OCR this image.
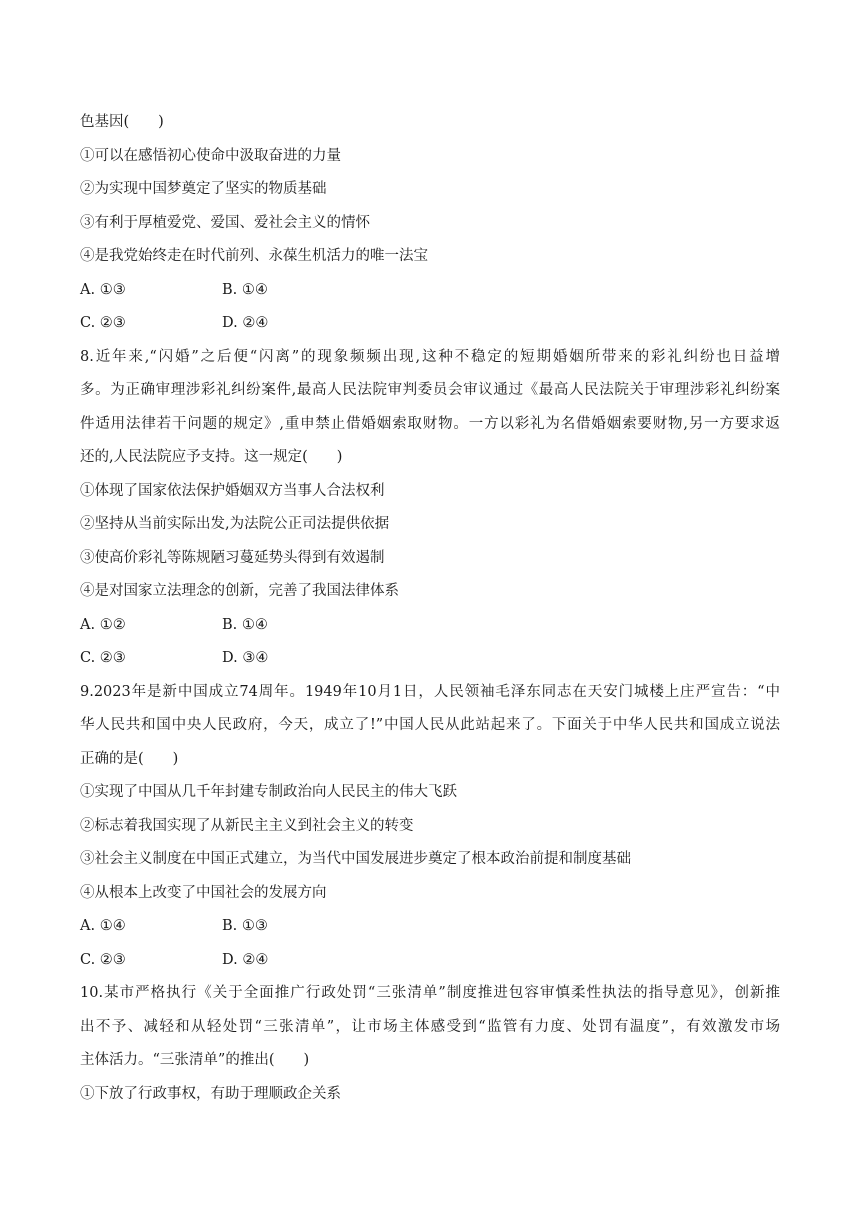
色基因(　　)
①可以在感悟初心使命中汲取奋进的力量
②为实现中国梦奠定了坚实的物质基础
③有利于厚植爱党、爱国、爱社会主义的情怀
④是我党始终走在时代前列、永葆生机活力的唯一法宝
A. ①③	B. ①④
C. ②③	D. ②④
8.近年来,“闪婚”之后便“闪离”的现象频频出现,这种不稳定的短期婚姻所带来的彩礼纠纷也日益增
多。为正确审理涉彩礼纠纷案件,最高人民法院审判委员会审议通过《最高人民法院关于审理涉彩礼纠纷案
件适用法律若干问题的规定》,重申禁止借婚姻索取财物。一方以彩礼为名借婚姻索要财物,另一方要求返
还的,人民法院应予支持。这一规定(　　)
①体现了国家依法保护婚姻双方当事人合法权利
②坚持从当前实际出发,为法院公正司法提供依据
③使高价彩礼等陈规陋习蔓延势头得到有效遏制
④是对国家立法理念的创新，完善了我国法律体系
A. ①②	B. ①④
C. ②③	D. ③④
9.2023年是新中国成立74周年。1949年10月1日，人民领袖毛泽东同志在天安门城楼上庄严宣告：“中
华人民共和国中央人民政府，今天，成立了!”中国人民从此站起来了。下面关于中华人民共和国成立说法
正确的是(　　)
①实现了中国从几千年封建专制政治向人民民主的伟大飞跃
②标志着我国实现了从新民主主义到社会主义的转变
③社会主义制度在中国正式建立，为当代中国发展进步奠定了根本政治前提和制度基础
④从根本上改变了中国社会的发展方向
A. ①④	B. ①③
C. ②③	D. ②④
10.某市严格执行《关于全面推广行政处罚“三张清单”制度推进包容审慎柔性执法的指导意见》，创新推
出不予、减轻和从轻处罚“三张清单”，让市场主体感受到“监管有力度、处罚有温度”，有效激发市场
主体活力。“三张清单”的推出(　　)
①下放了行政事权，有助于理顺政企关系
